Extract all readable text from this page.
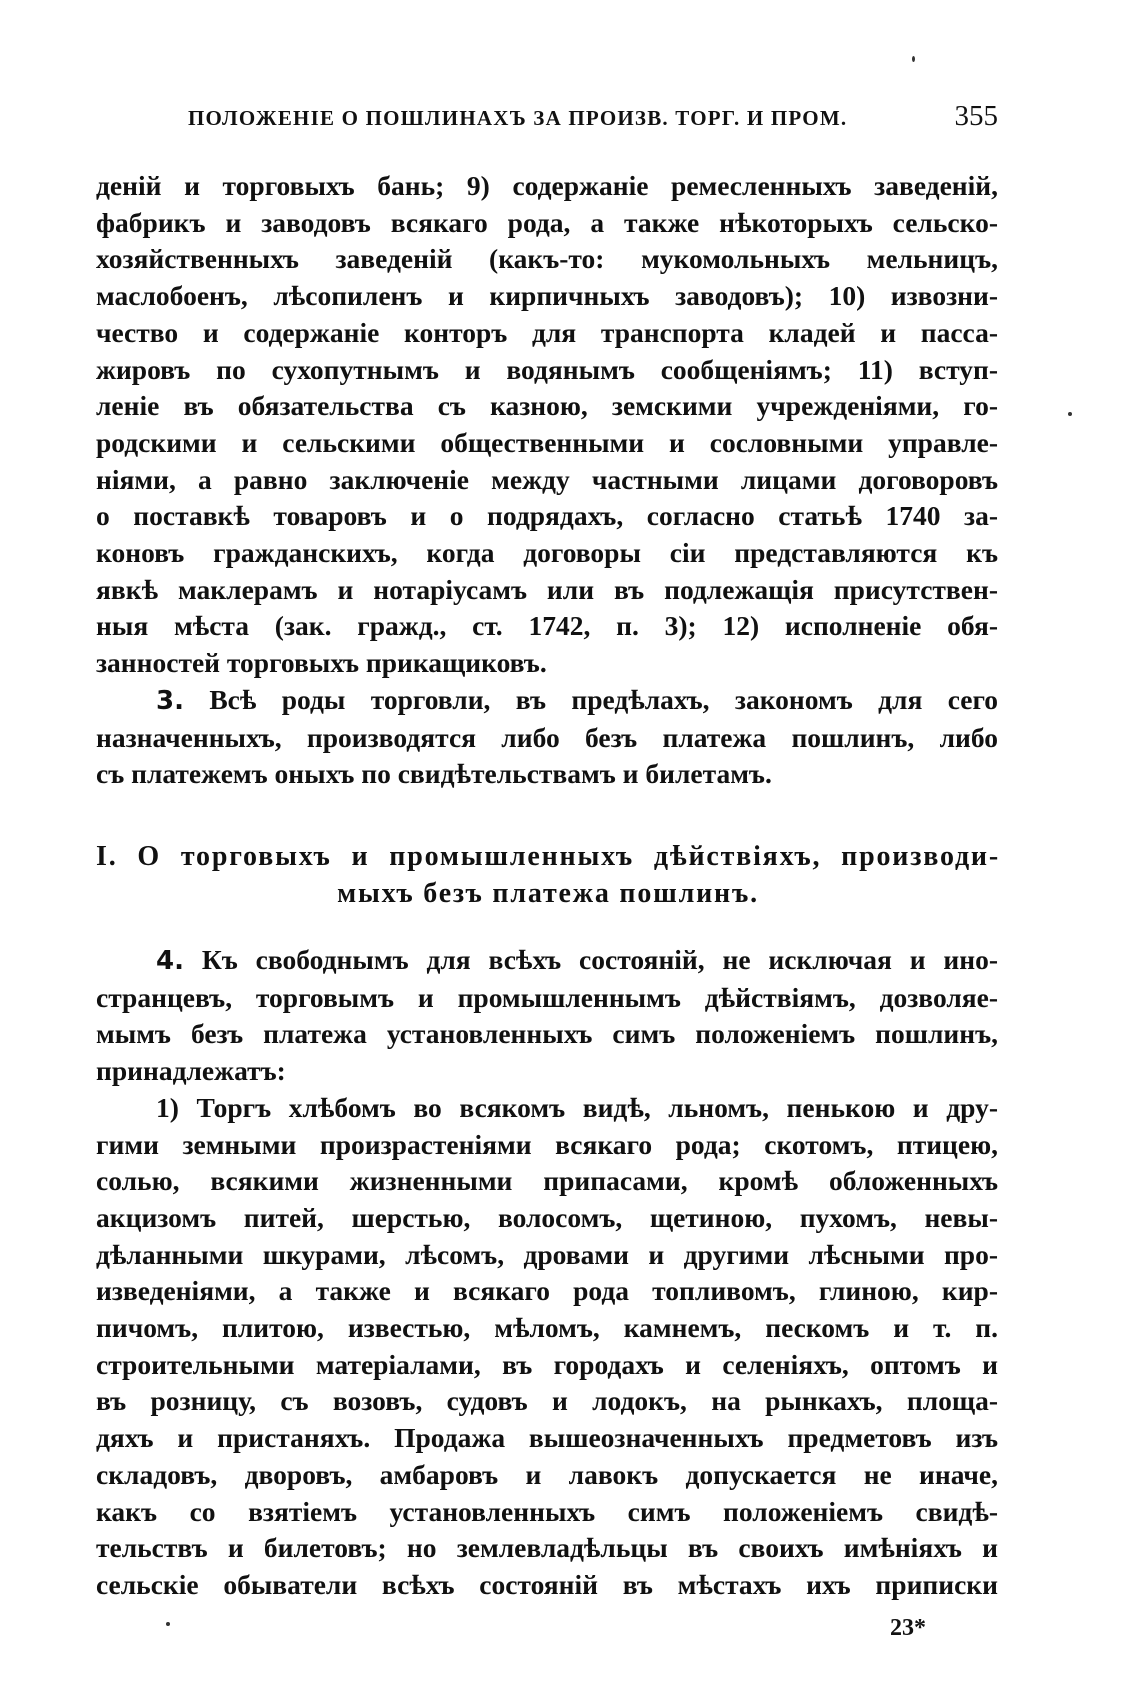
ПОЛОЖЕНІЕ О ПОШЛИНАХЪ ЗА ПРОИЗВ. ТОРГ. И ПРОМ.	355
деній и торговыхъ бань; 9) содержаніе ремесленныхъ заведеній,
фабрикъ и заводовъ всякаго рода, а также нѣкоторыхъ сельско-
хозяйственныхъ заведеній (какъ-то: мукомольныхъ мельницъ,
маслобоенъ, лѣсопиленъ и кирпичныхъ заводовъ); 10) извозни-
чество и содержаніе конторъ для транспорта кладей и пасса-
жировъ по сухопутнымъ и водянымъ сообщеніямъ; 11) вступ-
леніе въ обязательства съ казною, земскими учрежденіями, го-
родскими и сельскими общественными и сословными управле-
ніями, а равно заключеніе между частными лицами договоровъ
о поставкѣ товаровъ и о подрядахъ, согласно статьѣ 1740 за-
коновъ гражданскихъ, когда договоры сіи представляются къ
явкѣ маклерамъ и нотаріусамъ или въ подлежащія присутствен-
ныя мѣста (зак. гражд., ст. 1742, п. 3); 12) исполненіе обя-
занностей торговыхъ прикащиковъ.
3. Всѣ роды торговли, въ предѣлахъ, закономъ для сего
назначенныхъ, производятся либо безъ платежа пошлинъ, либо
съ платежемъ оныхъ по свидѣтельствамъ и билетамъ.
I. О торговыхъ и промышленныхъ дѣйствіяхъ, производи-
мыхъ безъ платежа пошлинъ.
4. Къ свободнымъ для всѣхъ состояній, не исключая и ино-
странцевъ, торговымъ и промышленнымъ дѣйствіямъ, дозволяе-
мымъ безъ платежа установленныхъ симъ положеніемъ пошлинъ,
принадлежатъ:
1) Торгъ хлѣбомъ во всякомъ видѣ, льномъ, пенькою и дру-
гими земными произрастеніями всякаго рода; скотомъ, птицею,
солью, всякими жизненными припасами, кромѣ обложенныхъ
акцизомъ питей, шерстью, волосомъ, щетиною, пухомъ, невы-
дѣланными шкурами, лѣсомъ, дровами и другими лѣсными про-
изведеніями, а также и всякаго рода топливомъ, глиною, кир-
пичомъ, плитою, известью, мѣломъ, камнемъ, пескомъ и т. п.
строительными матеріалами, въ городахъ и селеніяхъ, оптомъ и
въ розницу, съ возовъ, судовъ и лодокъ, на рынкахъ, площа-
дяхъ и пристаняхъ. Продажа вышеозначенныхъ предметовъ изъ
складовъ, дворовъ, амбаровъ и лавокъ допускается не иначе,
какъ со взятіемъ установленныхъ симъ положеніемъ свидѣ-
тельствъ и билетовъ; но землевладѣльцы въ своихъ имѣніяхъ и
сельскіе обыватели всѣхъ состояній въ мѣстахъ ихъ приписки
23*
